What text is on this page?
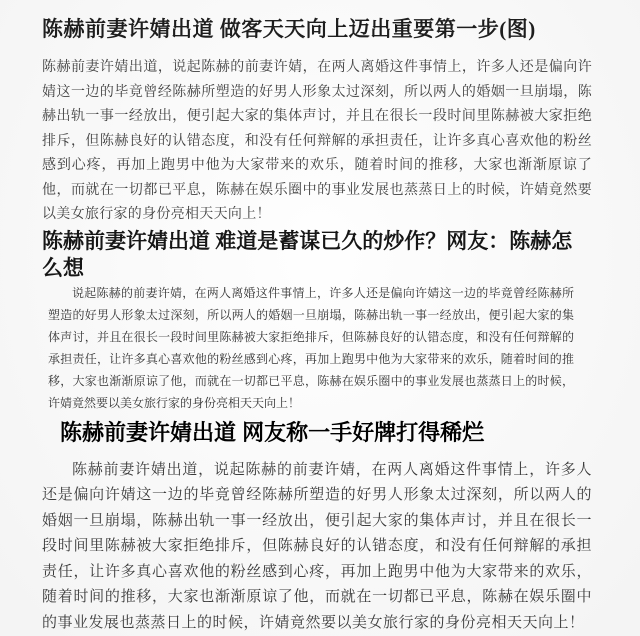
陈赫前妻许婧出道 做客天天向上迈出重要第一步(图)

陈赫前妻许婧出道，说起陈赫的前妻许婧，在两人离婚这件事情上，许多人还是偏向许婧这一边的毕竟曾经陈赫所塑造的好男人形象太过深刻，所以两人的婚姻一旦崩塌，陈赫出轨一事一经放出，便引起大家的集体声讨，并且在很长一段时间里陈赫被大家拒绝排斥，但陈赫良好的认错态度，和没有任何辩解的承担责任，让许多真心喜欢他的粉丝感到心疼，再加上跑男中他为大家带来的欢乐，随着时间的推移，大家也渐渐原谅了他，而就在一切都已平息，陈赫在娱乐圈中的事业发展也蒸蒸日上的时候，许婧竟然要以美女旅行家的身份亮相天天向上！

陈赫前妻许婧出道 难道是蓄谋已久的炒作？网友：陈赫怎么想

说起陈赫的前妻许婧，在两人离婚这件事情上，许多人还是偏向许婧这一边的毕竟曾经陈赫所塑造的好男人形象太过深刻，所以两人的婚姻一旦崩塌，陈赫出轨一事一经放出，便引起大家的集体声讨，并且在很长一段时间里陈赫被大家拒绝排斥，但陈赫良好的认错态度，和没有任何辩解的承担责任，让许多真心喜欢他的粉丝感到心疼，再加上跑男中他为大家带来的欢乐，随着时间的推移，大家也渐渐原谅了他，而就在一切都已平息，陈赫在娱乐圈中的事业发展也蒸蒸日上的时候，许婧竟然要以美女旅行家的身份亮相天天向上！

陈赫前妻许婧出道 网友称一手好牌打得稀烂

陈赫前妻许婧出道，说起陈赫的前妻许婧，在两人离婚这件事情上，许多人还是偏向许婧这一边的毕竟曾经陈赫所塑造的好男人形象太过深刻，所以两人的婚姻一旦崩塌，陈赫出轨一事一经放出，便引起大家的集体声讨，并且在很长一段时间里陈赫被大家拒绝排斥，但陈赫良好的认错态度，和没有任何辩解的承担责任，让许多真心喜欢他的粉丝感到心疼，再加上跑男中他为大家带来的欢乐，随着时间的推移，大家也渐渐原谅了他，而就在一切都已平息，陈赫在娱乐圈中的事业发展也蒸蒸日上的时候，许婧竟然要以美女旅行家的身份亮相天天向上！
